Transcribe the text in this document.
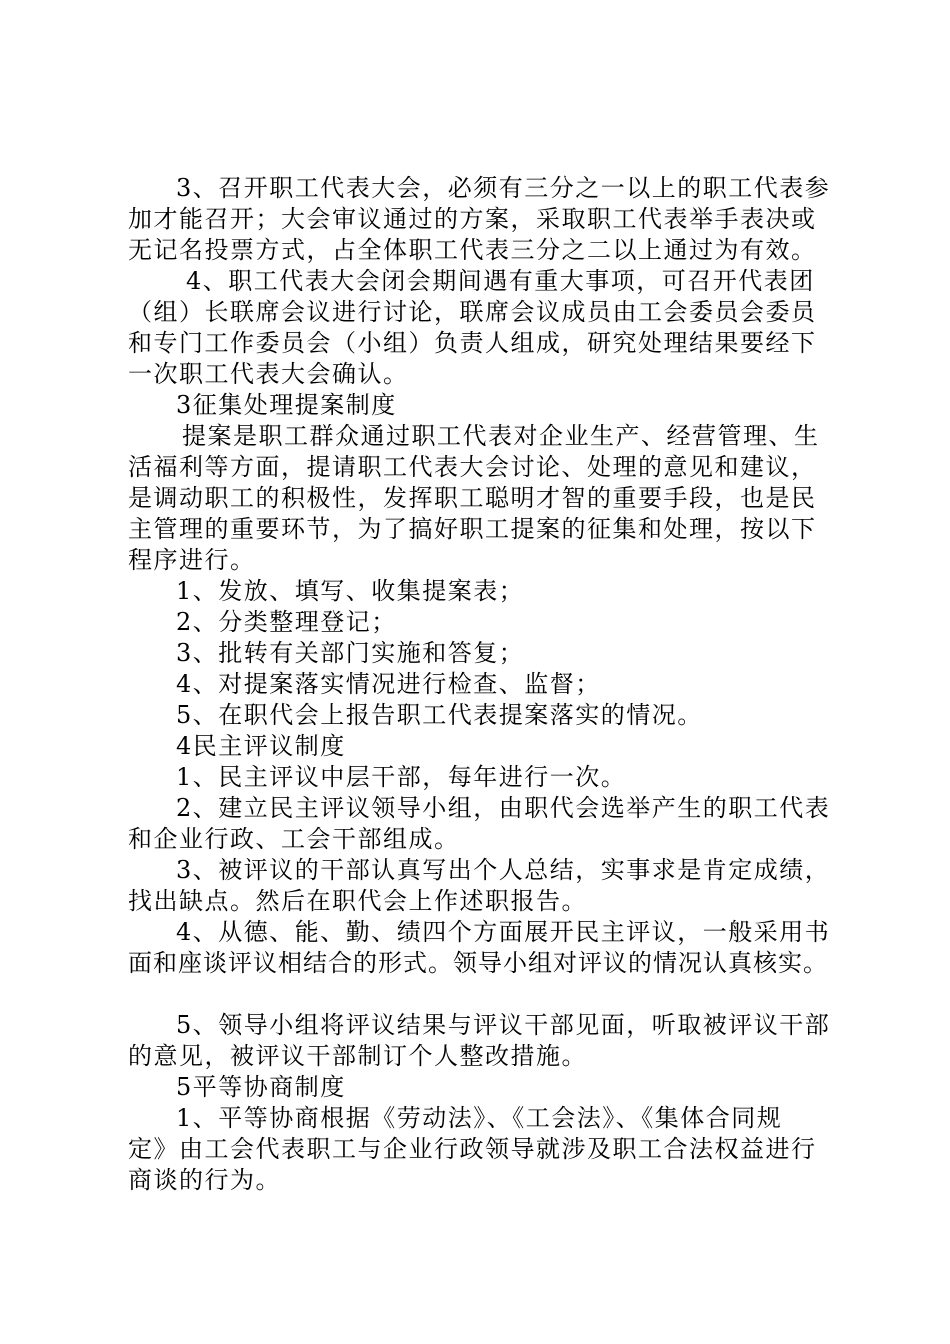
3、召开职工代表大会，必须有三分之一以上的职工代表参
加才能召开；大会审议通过的方案，采取职工代表举手表决或
无记名投票方式，占全体职工代表三分之二以上通过为有效。
4、职工代表大会闭会期间遇有重大事项，可召开代表团
（组）长联席会议进行讨论，联席会议成员由工会委员会委员
和专门工作委员会（小组）负责人组成，研究处理结果要经下
一次职工代表大会确认。
3征集处理提案制度
提案是职工群众通过职工代表对企业生产、经营管理、生
活福利等方面，提请职工代表大会讨论、处理的意见和建议，
是调动职工的积极性，发挥职工聪明才智的重要手段，也是民
主管理的重要环节，为了搞好职工提案的征集和处理，按以下
程序进行。
1、发放、填写、收集提案表；
2、分类整理登记；
3、批转有关部门实施和答复；
4、对提案落实情况进行检查、监督；
5、在职代会上报告职工代表提案落实的情况。
4民主评议制度
1、民主评议中层干部，每年进行一次。
2、建立民主评议领导小组，由职代会选举产生的职工代表
和企业行政、工会干部组成。
3、被评议的干部认真写出个人总结，实事求是肯定成绩，
找出缺点。然后在职代会上作述职报告。
4、从德、能、勤、绩四个方面展开民主评议，一般采用书
面和座谈评议相结合的形式。领导小组对评议的情况认真核实。
5、领导小组将评议结果与评议干部见面，听取被评议干部
的意见，被评议干部制订个人整改措施。
5平等协商制度
1、平等协商根据《劳动法》、《工会法》、《集体合同规
定》由工会代表职工与企业行政领导就涉及职工合法权益进行
商谈的行为。
